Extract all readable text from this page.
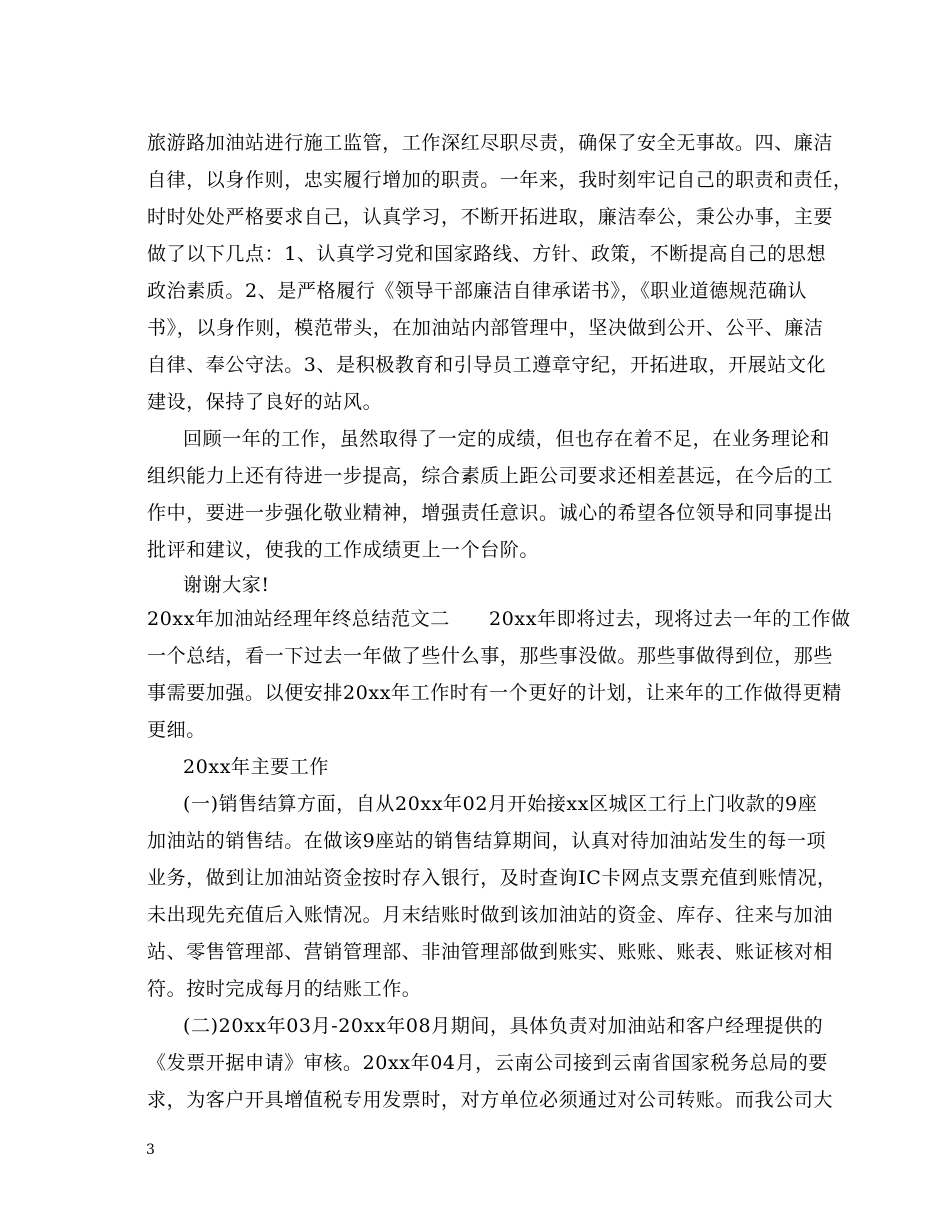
旅游路加油站进行施工监管，工作深红尽职尽责，确保了安全无事故。四、廉洁
自律，以身作则，忠实履行增加的职责。一年来，我时刻牢记自己的职责和责任，
时时处处严格要求自己，认真学习，不断开拓进取，廉洁奉公，秉公办事，主要
做了以下几点：1、认真学习党和国家路线、方针、政策，不断提高自己的思想
政治素质。2、是严格履行《领导干部廉洁自律承诺书》，《职业道德规范确认
书》，以身作则，模范带头，在加油站内部管理中，坚决做到公开、公平、廉洁
自律、奉公守法。3、是积极教育和引导员工遵章守纪，开拓进取，开展站文化
建设，保持了良好的站风。
回顾一年的工作，虽然取得了一定的成绩，但也存在着不足，在业务理论和
组织能力上还有待进一步提高，综合素质上距公司要求还相差甚远，在今后的工
作中，要进一步强化敬业精神，增强责任意识。诚心的希望各位领导和同事提出
批评和建议，使我的工作成绩更上一个台阶。
谢谢大家!
20xx年加油站经理年终总结范文二　　20xx年即将过去，现将过去一年的工作做
一个总结，看一下过去一年做了些什么事，那些事没做。那些事做得到位，那些
事需要加强。以便安排20xx年工作时有一个更好的计划，让来年的工作做得更精
更细。
20xx年主要工作
(一)销售结算方面，自从20xx年02月开始接xx区城区工行上门收款的9座
加油站的销售结。在做该9座站的销售结算期间，认真对待加油站发生的每一项
业务，做到让加油站资金按时存入银行，及时查询IC卡网点支票充值到账情况，
未出现先充值后入账情况。月末结账时做到该加油站的资金、库存、往来与加油
站、零售管理部、营销管理部、非油管理部做到账实、账账、账表、账证核对相
符。按时完成每月的结账工作。
(二)20xx年03月-20xx年08月期间，具体负责对加油站和客户经理提供的
《发票开据申请》审核。20xx年04月，云南公司接到云南省国家税务总局的要
求，为客户开具增值税专用发票时，对方单位必须通过对公司转账。而我公司大
3
